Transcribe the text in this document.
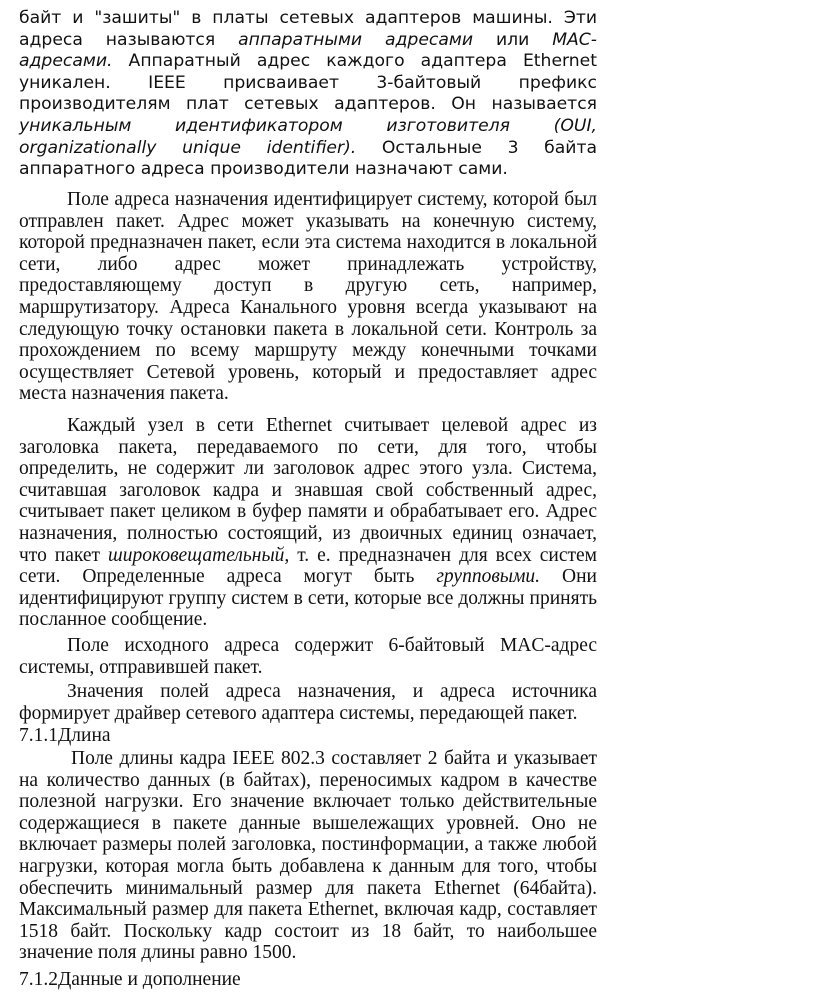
байт и "зашиты" в платы сетевых адаптеров машины. Эти адреса называются аппаратными адресами или MAC-адресами. Аппаратный адрес каждого адаптера Ethernet уникален. IEEE присваивает 3-байтовый префикс производителям плат сетевых адаптеров. Он называется уникальным идентификатором изготовителя (OUI, organizationally unique identifier). Остальные 3 байта аппаратного адреса производители назначают сами.

Поле адреса назначения идентифицирует систему, которой был отправлен пакет. Адрес может указывать на конечную систему, которой предназначен пакет, если эта система находится в локальной сети, либо адрес может принадлежать устройству, предоставляющему доступ в другую сеть, например, маршрутизатору. Адреса Канального уровня всегда указывают на следующую точку остановки пакета в локальной сети. Контроль за прохождением по всему маршруту между конечными точками осуществляет Сетевой уровень, который и предоставляет адрес места назначения пакета.

Каждый узел в сети Ethernet считывает целевой адрес из заголовка пакета, передаваемого по сети, для того, чтобы определить, не содержит ли заголовок адрес этого узла. Система, считавшая заголовок кадра и знавшая свой собственный адрес, считывает пакет целиком в буфер памяти и обрабатывает его. Адрес назначения, полностью состоящий, из двоичных единиц означает, что пакет широковещательный, т. е. предназначен для всех систем сети. Определенные адреса могут быть групповыми. Они идентифицируют группу систем в сети, которые все должны принять посланное сообщение.

Поле исходного адреса содержит 6-байтовый MAC-адрес системы, отправившей пакет.

Значения полей адреса назначения, и адреса источника формирует драйвер сетевого адаптера системы, передающей пакет.

7.1.1Длина

Поле длины кадра IEEE 802.3 составляет 2 байта и указывает на количество данных (в байтах), переносимых кадром в качестве полезной нагрузки. Его значение включает только действительные содержащиеся в пакете данные вышележащих уровней. Оно не включает размеры полей заголовка, постинформации, а также любой нагрузки, которая могла быть добавлена к данным для того, чтобы обеспечить минимальный размер для пакета Ethernet (64байта). Максимальный размер для пакета Ethernet, включая кадр, составляет 1518 байт. Поскольку кадр состоит из 18 байт, то наибольшее значение поля длины равно 1500.

7.1.2Данные и дополнение
